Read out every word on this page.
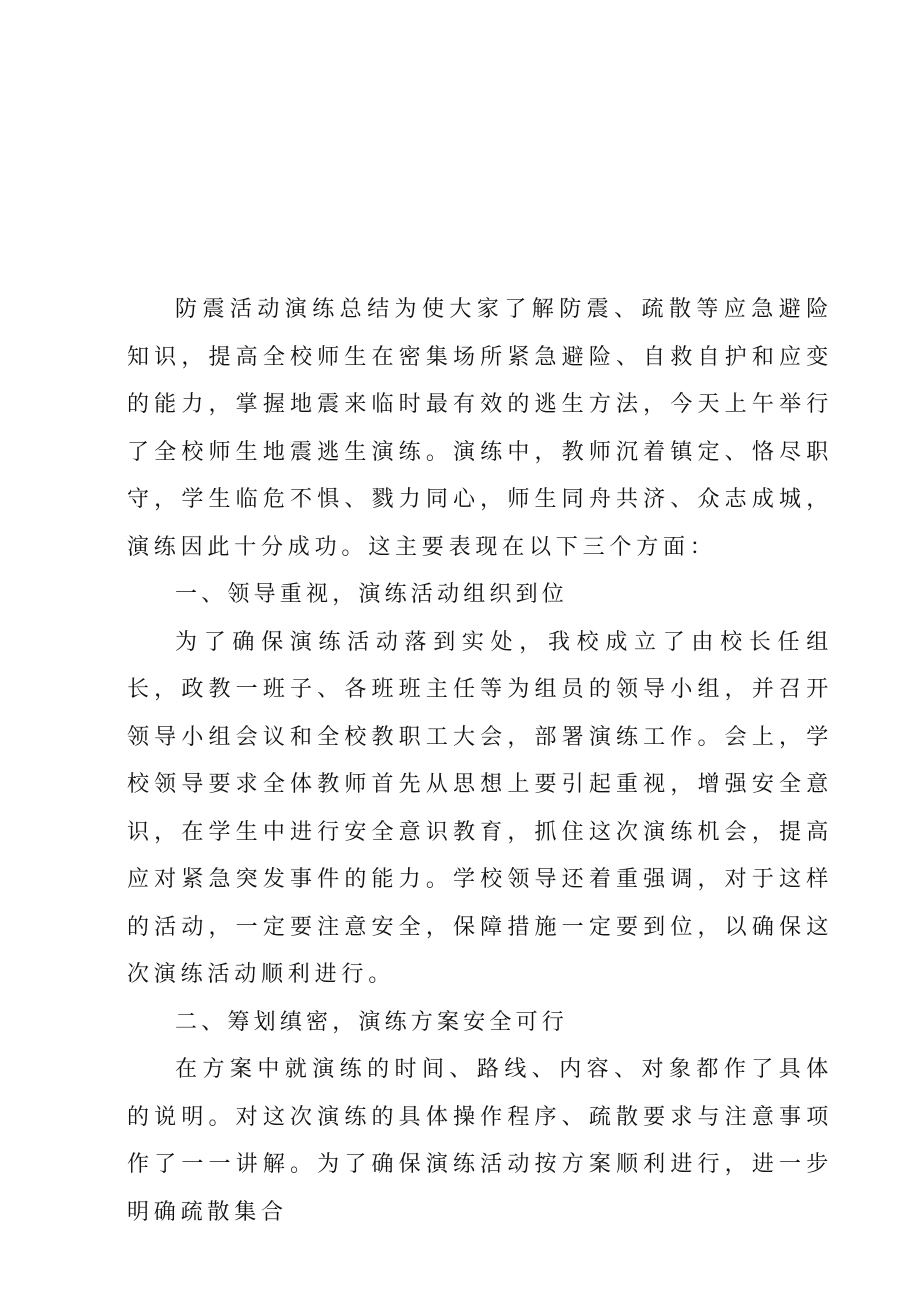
防震活动演练总结为使大家了解防震、疏散等应急避险知识，提高全校师生在密集场所紧急避险、自救自护和应变的能力，掌握地震来临时最有效的逃生方法，今天上午举行了全校师生地震逃生演练。演练中，教师沉着镇定、恪尽职守，学生临危不惧、戮力同心，师生同舟共济、众志成城，演练因此十分成功。这主要表现在以下三个方面：

一、领导重视，演练活动组织到位

为了确保演练活动落到实处，我校成立了由校长任组长，政教一班子、各班班主任等为组员的领导小组，并召开领导小组会议和全校教职工大会，部署演练工作。会上，学校领导要求全体教师首先从思想上要引起重视，增强安全意识，在学生中进行安全意识教育，抓住这次演练机会，提高应对紧急突发事件的能力。学校领导还着重强调，对于这样的活动，一定要注意安全，保障措施一定要到位，以确保这次演练活动顺利进行。

二、筹划缜密，演练方案安全可行

在方案中就演练的时间、路线、内容、对象都作了具体的说明。对这次演练的具体操作程序、疏散要求与注意事项作了一一讲解。为了确保演练活动按方案顺利进行，进一步明确疏散集合
